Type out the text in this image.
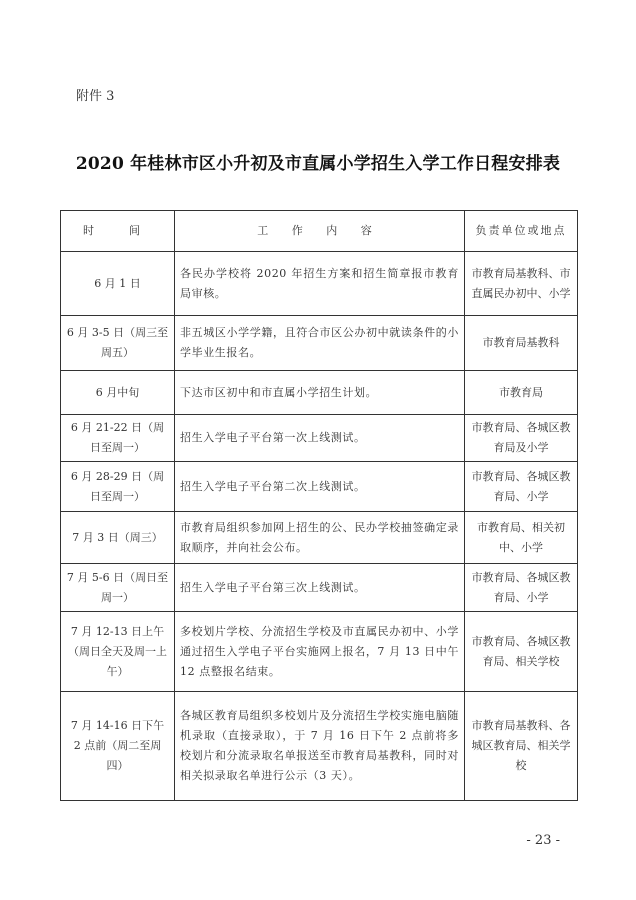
附件 3
2020 年桂林市区小升初及市直属小学招生入学工作日程安排表
时　间	工 作 内 容	负责单位或地点
6 月 1 日	各民办学校将 2020 年招生方案和招生简章报市教育局审核。	市教育局基教科、市直属民办初中、小学
6 月 3-5 日（周三至周五）	非五城区小学学籍，且符合市区公办初中就读条件的小学毕业生报名。	市教育局基教科
6 月中旬	下达市区初中和市直属小学招生计划。	市教育局
6 月 21-22 日（周日至周一）	招生入学电子平台第一次上线测试。	市教育局、各城区教育局及小学
6 月 28-29 日（周日至周一）	招生入学电子平台第二次上线测试。	市教育局、各城区教育局、小学
7 月 3 日（周三）	市教育局组织参加网上招生的公、民办学校抽签确定录取顺序，并向社会公布。	市教育局、相关初中、小学
7 月 5-6 日（周日至周一）	招生入学电子平台第三次上线测试。	市教育局、各城区教育局、小学
7 月 12-13 日上午（周日全天及周一上午）	多校划片学校、分流招生学校及市直属民办初中、小学通过招生入学电子平台实施网上报名，7 月 13 日中午 12 点整报名结束。	市教育局、各城区教育局、相关学校
7 月 14-16 日下午 2 点前（周二至周四）	各城区教育局组织多校划片及分流招生学校实施电脑随机录取（直接录取），于 7 月 16 日下午 2 点前将多校划片和分流录取名单报送至市教育局基教科，同时对相关拟录取名单进行公示（3 天）。	市教育局基教科、各城区教育局、相关学校
- 23 -
